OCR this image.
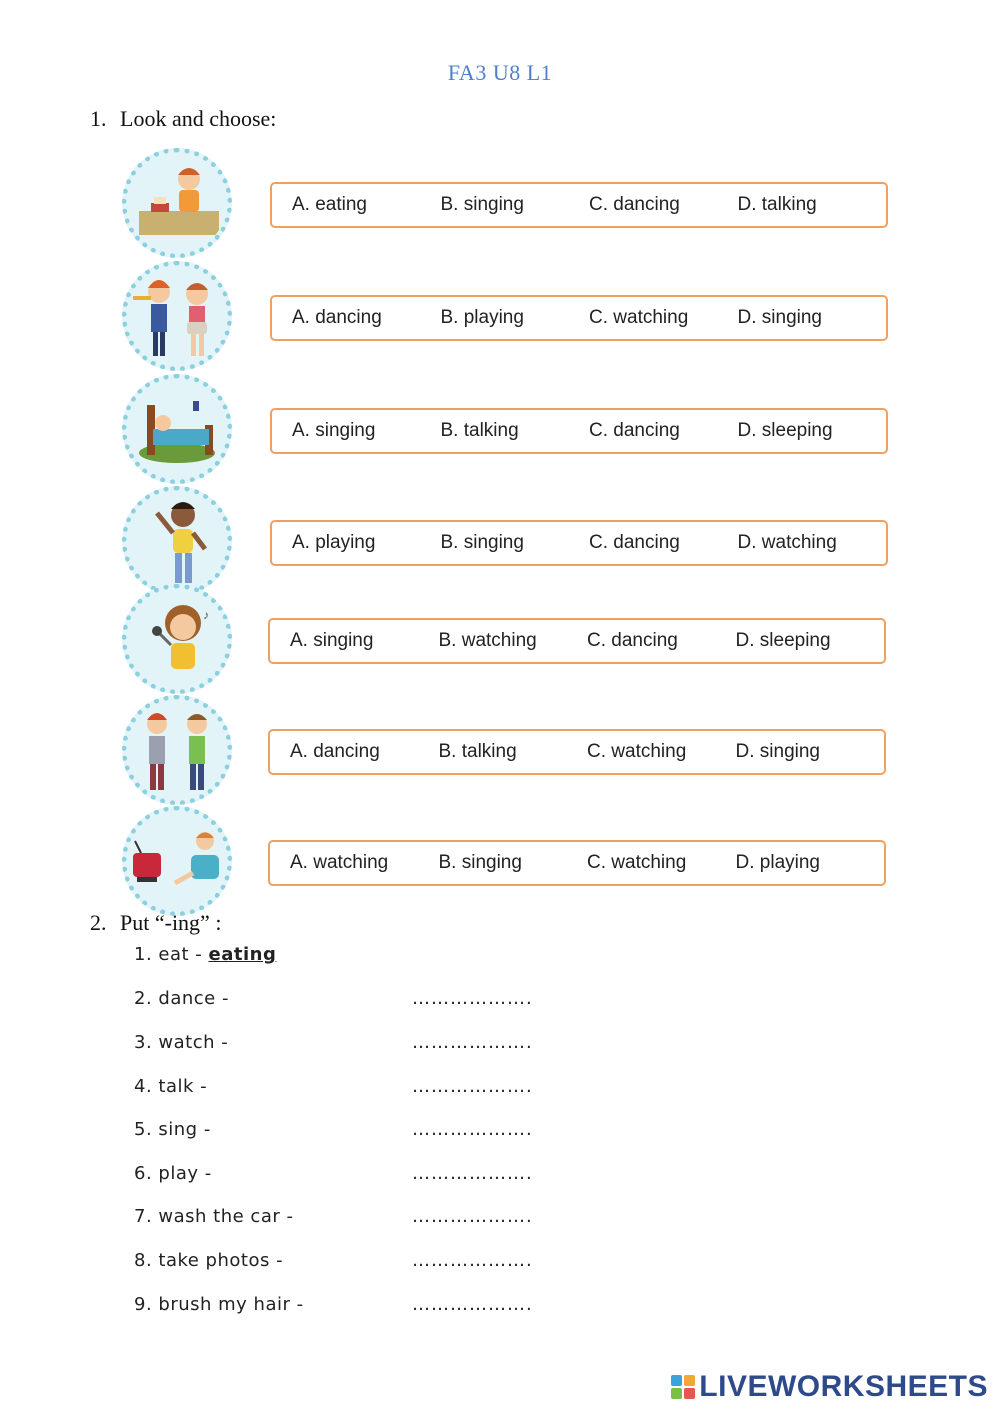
FA3 U8 L1
1. Look and choose:
A. eating	B. singing	C. dancing	D. talking
A. dancing	B. playing	C. watching	D. singing
A. singing	B. talking	C. dancing	D. sleeping
A. playing	B. singing	C. dancing	D. watching
♪
A. singing	B. watching	C. dancing	D. sleeping
A. dancing	B. talking	C. watching	D. singing
A. watching	B. singing	C. watching	D. playing
2. Put “-ing” :
1. eat - eating
2. dance -	……………….
3. watch -	……………….
4. talk -	……………….
5. sing -	……………….
6. play -	……………….
7. wash the car -	……………….
8. take photos -	……………….
9. brush my hair -	……………….
LIVEWORKSHEETS
